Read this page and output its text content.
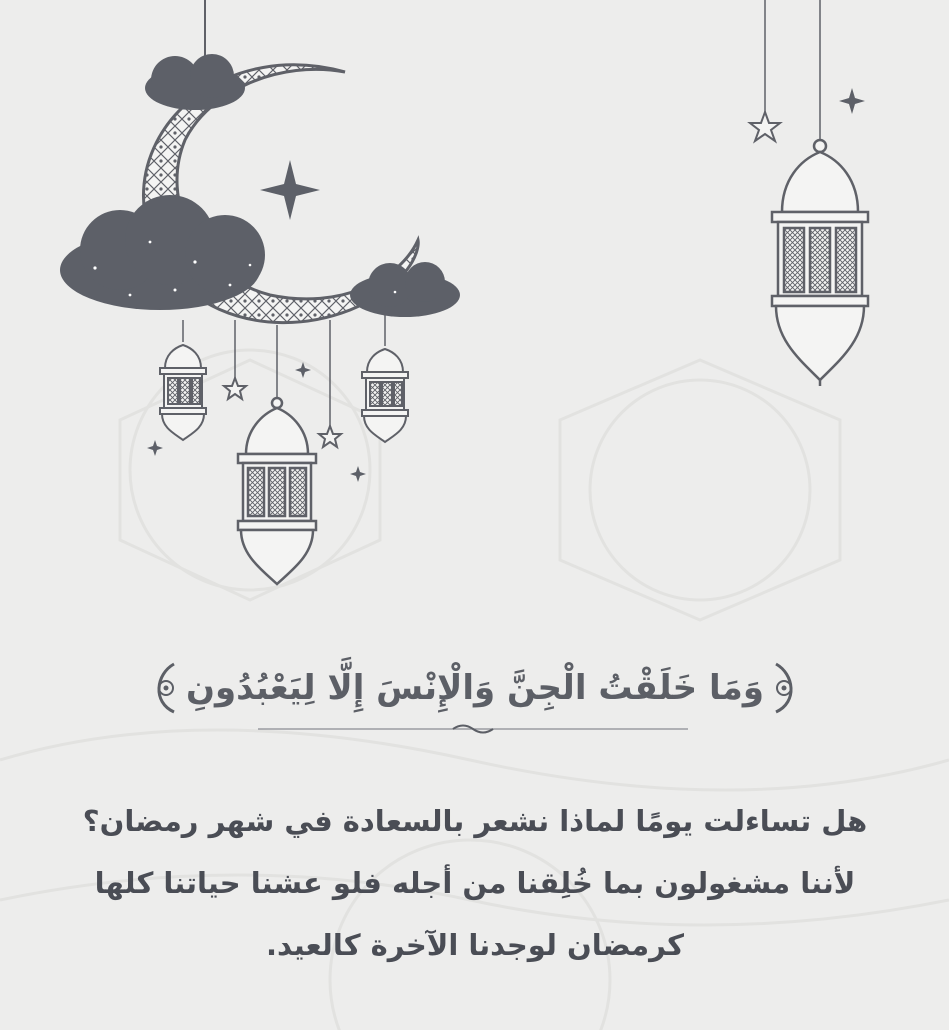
وَمَا خَلَقْتُ الْجِنَّ وَالْإِنْسَ إِلَّا لِيَعْبُدُونِ
هل تساءلت يومًا لماذا نشعر بالسعادة في شهر رمضان؟
لأننا مشغولون بما خُلِقنا من أجله فلو عشنا حياتنا كلها
كرمضان لوجدنا الآخرة كالعيد.
